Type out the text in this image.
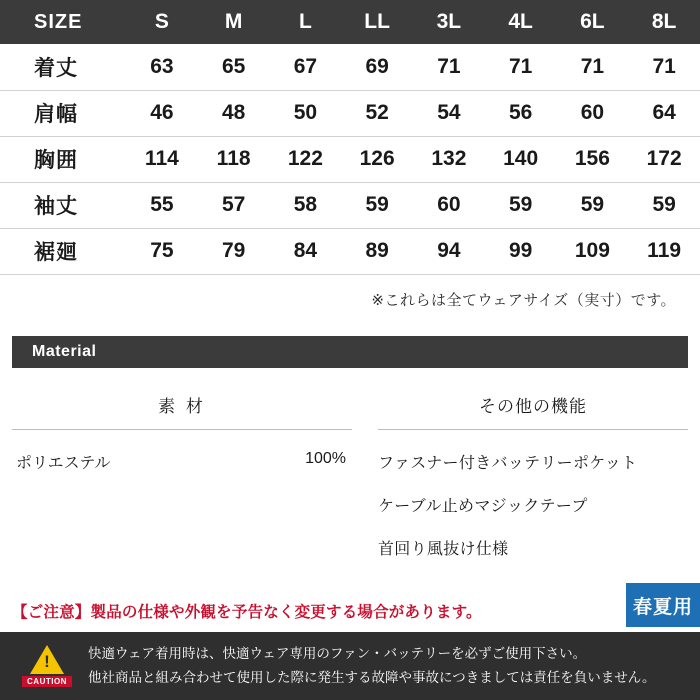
SIZE	S	M	L	LL	3L	4L	6L	8L
着丈	63	65	67	69	71	71	71	71
肩幅	46	48	50	52	54	56	60	64
胸囲	114	118	122	126	132	140	156	172
袖丈	55	57	58	59	60	59	59	59
裾廻	75	79	84	89	94	99	109	119
※これらは全てウェアサイズ（実寸）です。
Material
素 材
ポリエステル	100%
その他の機能
ファスナー付きバッテリーポケット
ケーブル止めマジックテープ
首回り風抜け仕様
【ご注意】製品の仕様や外観を予告なく変更する場合があります。	春夏用
!
CAUTION
快適ウェア着用時は、快適ウェア専用のファン・バッテリーを必ずご使用下さい。
他社商品と組み合わせて使用した際に発生する故障や事故につきましては責任を負いません。
